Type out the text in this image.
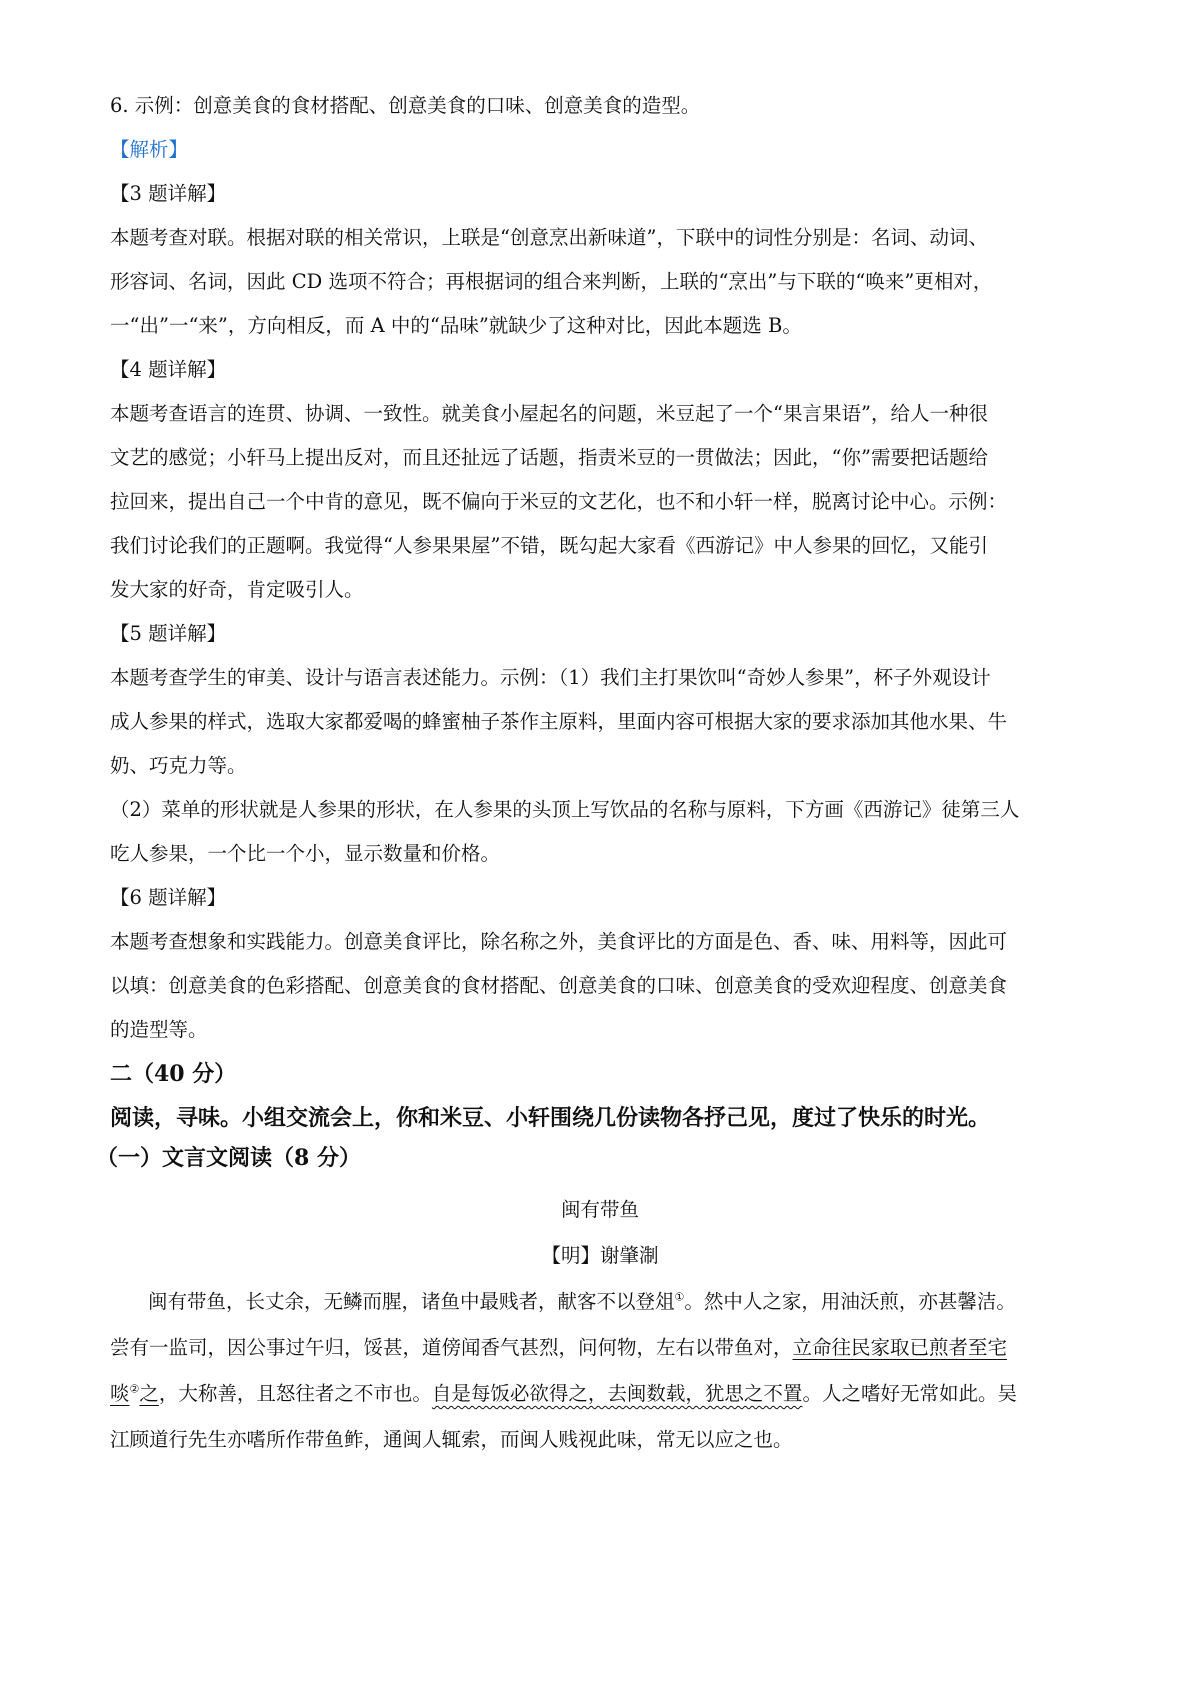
6. 示例：创意美食的食材搭配、创意美食的口味、创意美食的造型。

【解析】

【3 题详解】

本题考查对联。根据对联的相关常识，上联是“创意烹出新味道”，下联中的词性分别是：名词、动词、

形容词、名词，因此 CD 选项不符合；再根据词的组合来判断，上联的“烹出”与下联的“唤来”更相对，

一“出”一“来”，方向相反，而 A 中的“品味”就缺少了这种对比，因此本题选 B。

【4 题详解】

本题考查语言的连贯、协调、一致性。就美食小屋起名的问题，米豆起了一个“果言果语”，给人一种很

文艺的感觉；小轩马上提出反对，而且还扯远了话题，指责米豆的一贯做法；因此，“你”需要把话题给

拉回来，提出自己一个中肯的意见，既不偏向于米豆的文艺化，也不和小轩一样，脱离讨论中心。示例：

我们讨论我们的正题啊。我觉得“人参果果屋”不错，既勾起大家看《西游记》中人参果的回忆，又能引

发大家的好奇，肯定吸引人。

【5 题详解】

本题考查学生的审美、设计与语言表述能力。示例：（1）我们主打果饮叫“奇妙人参果”，杯子外观设计

成人参果的样式，选取大家都爱喝的蜂蜜柚子茶作主原料，里面内容可根据大家的要求添加其他水果、牛

奶、巧克力等。

（2）菜单的形状就是人参果的形状，在人参果的头顶上写饮品的名称与原料，下方画《西游记》徒第三人

吃人参果，一个比一个小，显示数量和价格。

【6 题详解】

本题考查想象和实践能力。创意美食评比，除名称之外，美食评比的方面是色、香、味、用料等，因此可

以填：创意美食的色彩搭配、创意美食的食材搭配、创意美食的口味、创意美食的受欢迎程度、创意美食

的造型等。

二（40 分）

阅读，寻味。小组交流会上，你和米豆、小轩围绕几份读物各抒己见，度过了快乐的时光。

（一）文言文阅读（8 分）

闽有带鱼

【明】谢肇淛

闽有带鱼，长丈余，无鳞而腥，诸鱼中最贱者，献客不以登俎①。然中人之家，用油沃煎，亦甚馨洁。

尝有一监司，因公事过午归，馁甚，道傍闻香气甚烈，问何物，左右以带鱼对，立命往民家取已煎者至宅

啖②之，大称善，且怒往者之不市也。自是每饭必欲得之，去闽数载，犹思之不置。人之嗜好无常如此。吴

江顾道行先生亦嗜所作带鱼鲊，通闽人辄索，而闽人贱视此味，常无以应之也。
